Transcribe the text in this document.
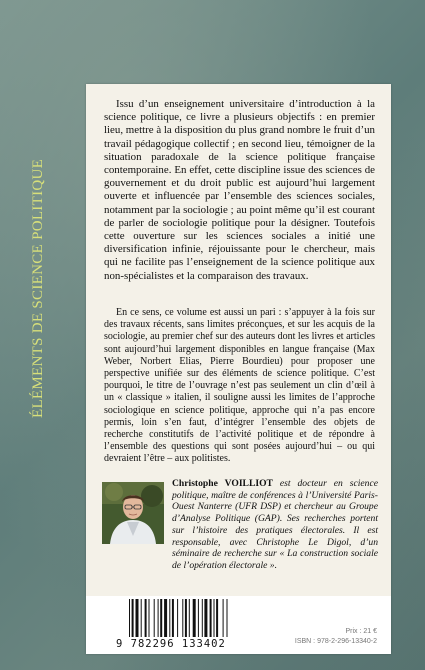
ÉLÉMENTS DE SCIENCE POLITIQUE
Issu d’un enseignement universitaire d’introduction à la science politique, ce livre a plusieurs objectifs : en premier lieu, mettre à la disposition du plus grand nombre le fruit d’un travail pédagogique collectif ; en second lieu, témoigner de la situation paradoxale de la science politique française contemporaine. En effet, cette discipline issue des sciences de gouvernement et du droit public est aujourd’hui largement ouverte et influencée par l’ensemble des sciences sociales, notamment par la sociologie ; au point même qu’il est courant de parler de sociologie politique pour la désigner. Toutefois cette ouverture sur les sciences sociales a initié une diversification infinie, réjouissante pour le chercheur, mais qui ne facilite pas l’enseignement de la science politique aux non-spécialistes et la comparaison des travaux.
En ce sens, ce volume est aussi un pari : s’appuyer à la fois sur des travaux récents, sans limites préconçues, et sur les acquis de la sociologie, au premier chef sur des auteurs dont les livres et articles sont aujourd’hui largement disponibles en langue française (Max Weber, Norbert Elias, Pierre Bourdieu) pour proposer une perspective unifiée sur des éléments de science politique. C’est pourquoi, le titre de l’ouvrage n’est pas seulement un clin d’œil à un « classique » italien, il souligne aussi les limites de l’approche sociologique en science politique, approche qui n’a pas encore permis, loin s’en faut, d’intégrer l’ensemble des objets de recherche constitutifs de l’activité politique et de répondre à l’ensemble des questions qui sont posées aujourd’hui – ou qui devraient l’être – aux politistes.
Christophe VOILLIOT est docteur en science politique, maître de conférences à l’Université Paris-Ouest Nanterre (UFR DSP) et chercheur au Groupe d’Analyse Politique (GAP). Ses recherches portent sur l’histoire des pratiques électorales. Il est responsable, avec Christophe Le Digol, d’un séminaire de recherche sur « La construction sociale de l’opération électorale ».
9 782296 133402
Prix : 21 €
ISBN : 978-2-296-13340-2
